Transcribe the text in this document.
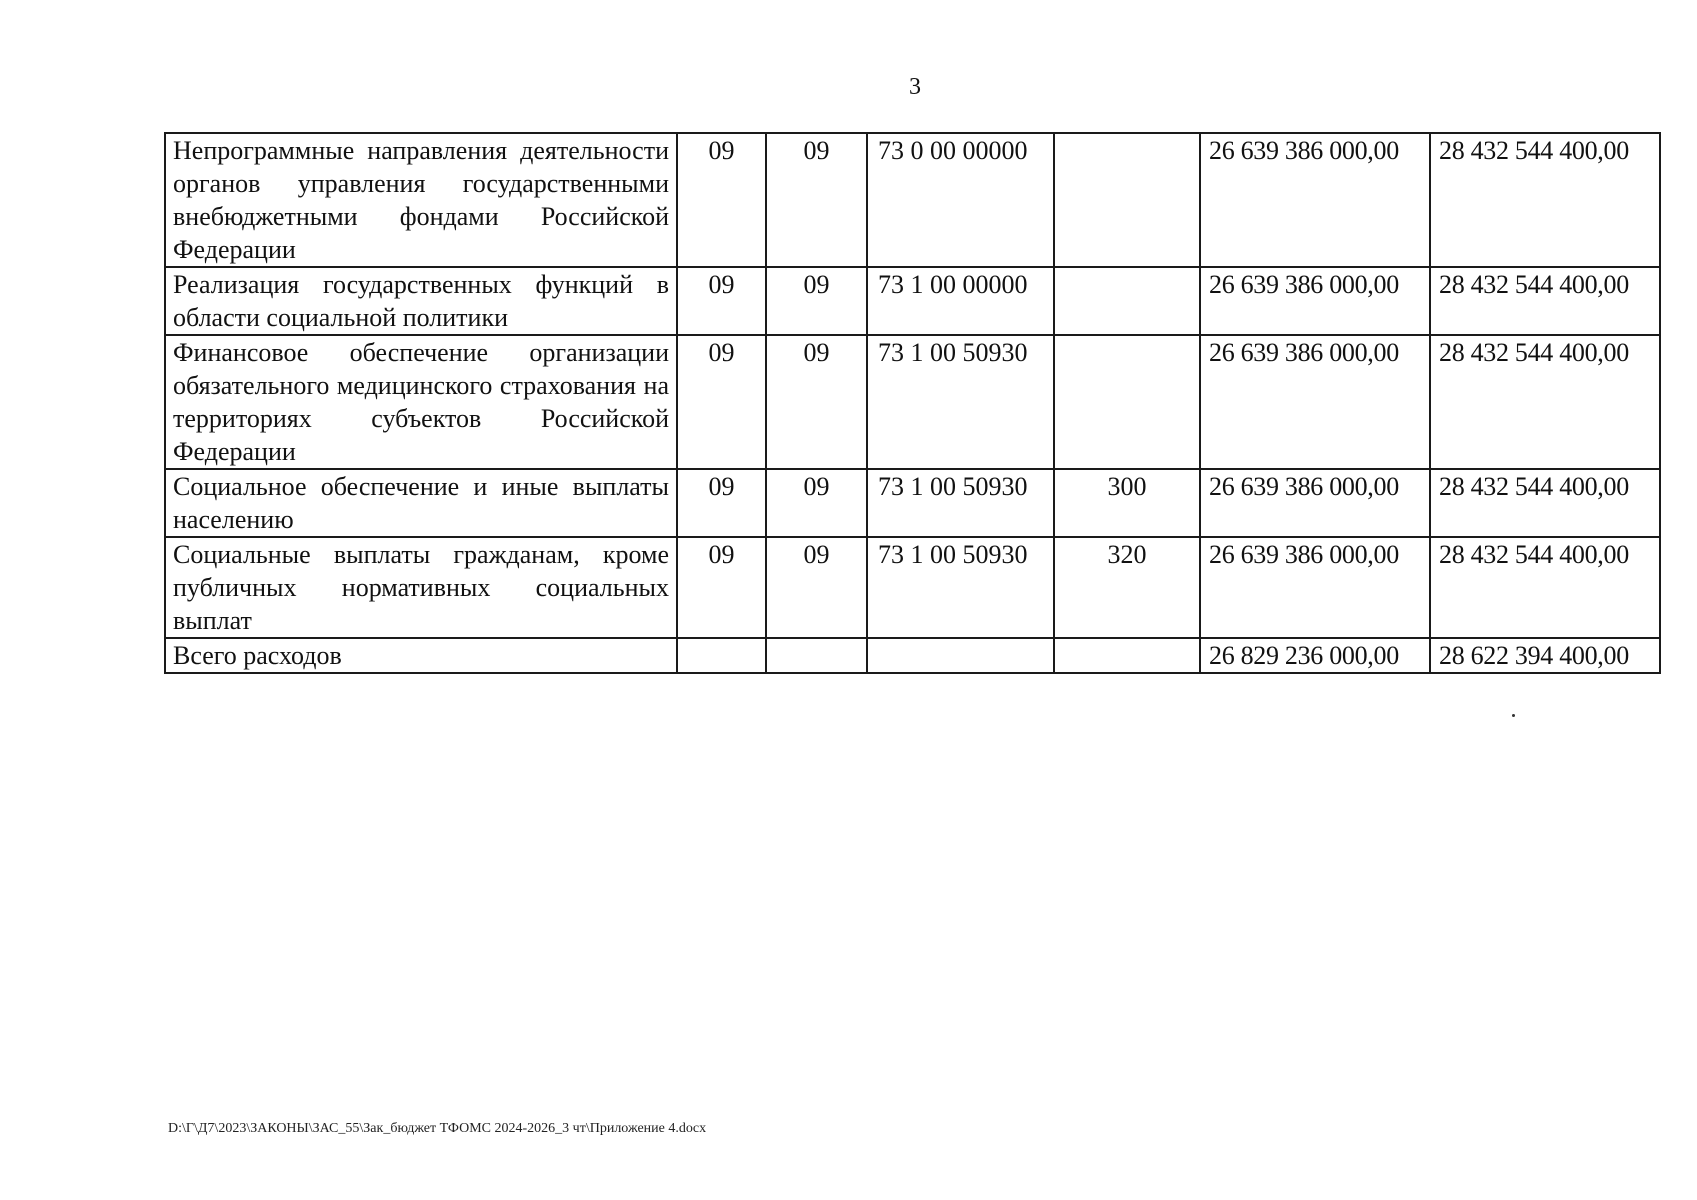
3
Непрограммные направления деятельности органов управления государственными внебюджетными фондами Российской Федерации	09	09	73 0 00 00000		26 639 386 000,00	28 432 544 400,00
Реализация государственных функций в области социальной политики	09	09	73 1 00 00000		26 639 386 000,00	28 432 544 400,00
Финансовое обеспечение организации обязательного медицинского страхования на территориях субъектов Российской Федерации	09	09	73 1 00 50930		26 639 386 000,00	28 432 544 400,00
Социальное обеспечение и иные выплаты населению	09	09	73 1 00 50930	300	26 639 386 000,00	28 432 544 400,00
Социальные выплаты гражданам, кроме публичных нормативных социальных выплат	09	09	73 1 00 50930	320	26 639 386 000,00	28 432 544 400,00
Всего расходов					26 829 236 000,00	28 622 394 400,00
D:\Г\Д7\2023\ЗАКОНЫ\ЗАС_55\Зак_бюджет ТФОМС 2024-2026_3 чт\Приложение 4.docx
